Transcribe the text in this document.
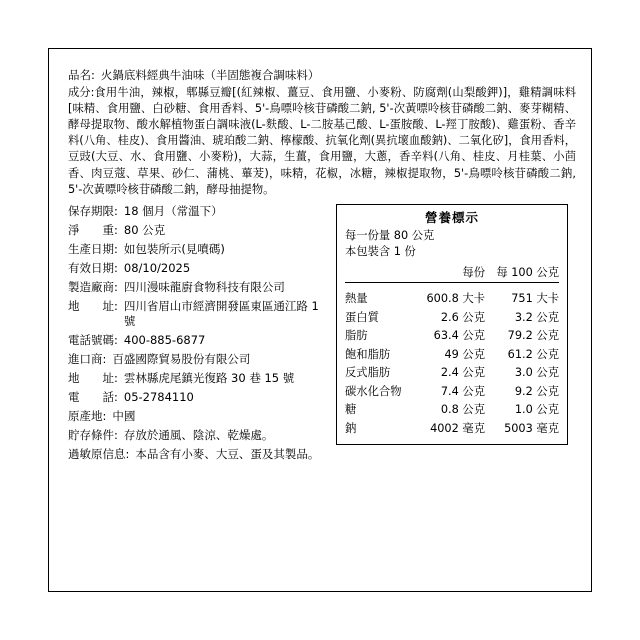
品名: 火鍋底料經典牛油味（半固態複合調味料）
成分: 食用牛油，辣椒，郫縣豆瓣[(紅辣椒、薑豆、食用鹽、小麥粉、防腐劑(山梨酸鉀)]，雞精調味料[味精、食用鹽、白砂糖、食用香料、5'-鳥嘌呤核苷磷酸二鈉, 5'-次黃嘌呤核苷磷酸二鈉、麥芽糊精、酵母提取物、酸水解植物蛋白調味液(L-麩酸、L-二胺基己酸、L-蛋胺酸、L-羥丁胺酸)、雞蛋粉、香辛料(八角、桂皮)、食用醬油、琥珀酸二鈉、檸檬酸、抗氧化劑(異抗壞血酸鈉)、二氧化矽]，食用香料，豆豉(大豆、水、食用鹽、小麥粉)，大蒜，生薑，食用鹽，大蔥，香辛料(八角、桂皮、月桂葉、小茴香、肉豆蔻、草果、砂仁、蒲桃、蓽茇)，味精，花椒，冰糖，辣椒提取物，5'-鳥嘌呤核苷磷酸二鈉, 5'-次黃嘌呤核苷磷酸二鈉，酵母抽提物。
保存期限: 18 個月（常溫下）
淨　　重: 80 公克
生產日期: 如包裝所示(見噴碼)
有效日期: 08/10/2025
製造廠商: 四川漫味龍廚食物科技有限公司
地　　址: 四川省眉山市經濟開發區東區通江路 1 號
電話號碼: 400-885-6877
進口商: 百盛國際貿易股份有限公司
地　　址: 雲林縣虎尾鎮光復路 30 巷 15 號
電　　話: 05-2784110
原產地: 中國
貯存條件: 存放於通風、陰涼、乾燥處。
過敏原信息: 本品含有小麥、大豆、蛋及其製品。
營養標示
每一份量 80 公克
本包裝含 1 份
	每份	每 100 公克

熱量	600.8 大卡	751 大卡
蛋白質	2.6 公克	3.2 公克
脂肪	63.4 公克	79.2 公克
飽和脂肪	49 公克	61.2 公克
反式脂肪	2.4 公克	3.0 公克
碳水化合物	7.4 公克	9.2 公克
糖	0.8 公克	1.0 公克
鈉	4002 毫克	5003 毫克
